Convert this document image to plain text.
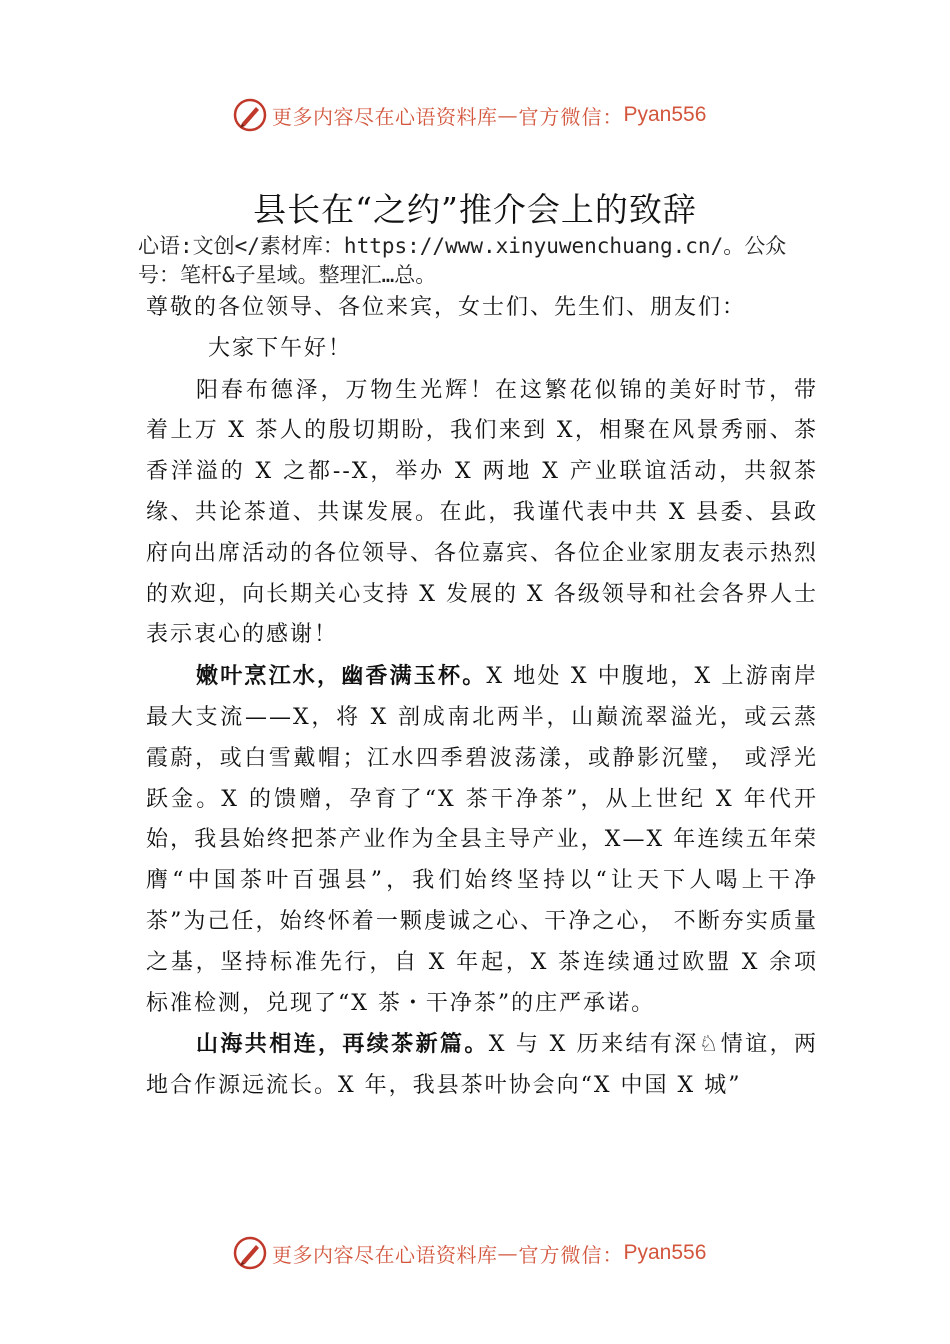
更多内容尽在心语资料库 — 官方微信： Pyan556
县长在“之约”推介会上的致辞
心语:文创</素材库：https://www.xinyuwenchuang.cn/。公众号：笔杆&子星域。整理汇…总。

尊敬的各位领导、各位来宾，女士们、先生们、朋友们：

大家下午好！

阳春布德泽，万物生光辉！在这繁花似锦的美好时节，带着上万 X 茶人的殷切期盼，我们来到 X，相聚在风景秀丽、茶香洋溢的 X 之都--X，举办 X 两地 X 产业联谊活动，共叙茶缘、共论茶道、共谋发展。在此，我谨代表中共 X 县委、县政府向出席活动的各位领导、各位嘉宾、各位企业家朋友表示热烈的欢迎，向长期关心支持 X 发展的 X 各级领导和社会各界人士表示衷心的感谢！

嫩叶烹江水，幽香满玉杯。X 地处 X 中腹地，X 上游南岸最大支流——X，将 X 剖成南北两半，山巅流翠溢光，或云蒸霞蔚，或白雪戴帽；江水四季碧波荡漾，或静影沉璧， 或浮光跃金。X 的馈赠，孕育了“X 茶干净茶”，从上世纪 X 年代开始，我县始终把茶产业作为全县主导产业，X—X 年连续五年荣膺“中国茶叶百强县”，我们始终坚持以“让天下人喝上干净茶”为己任，始终怀着一颗虔诚之心、干净之心， 不断夯实质量之基，坚持标准先行，自 X 年起，X 茶连续通过欧盟 X 余项标准检测，兑现了“X 茶・干净茶”的庄严承诺。

山海共相连，再续茶新篇。X 与 X 历来结有深♘情谊，两地合作源远流长。X 年，我县茶叶协会向“X 中国 X 城”

更多内容尽在心语资料库 — 官方微信： Pyan556
